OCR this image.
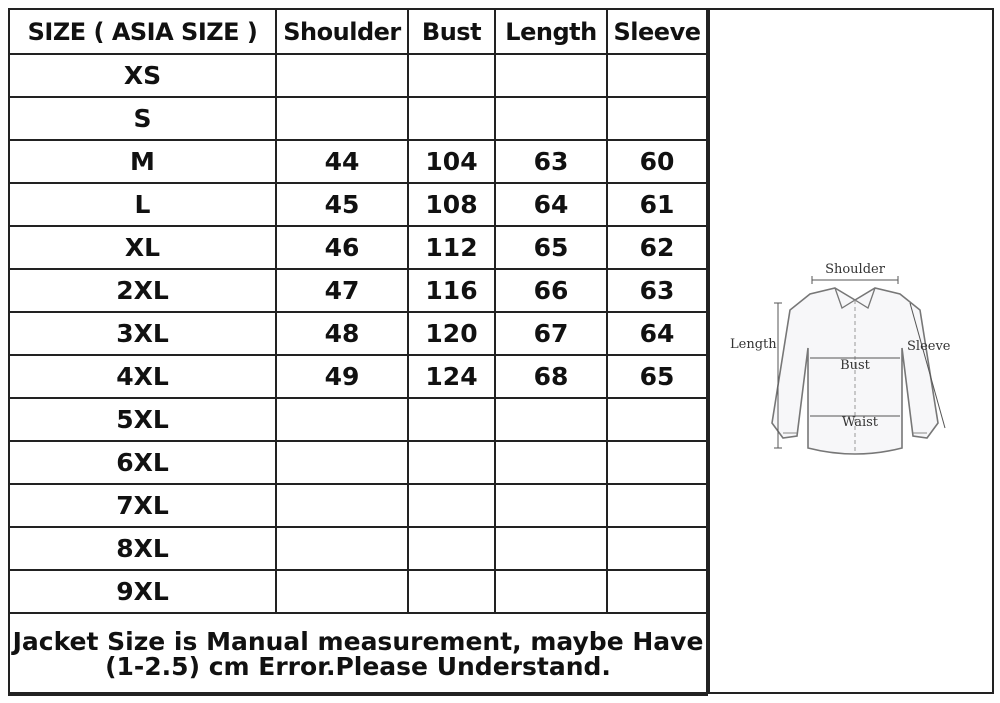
SIZE ( ASIA SIZE )	Shoulder	Bust	Length	Sleeve
XS				
S				
M	44	104	63	60
L	45	108	64	61
XL	46	112	65	62
2XL	47	116	66	63
3XL	48	120	67	64
4XL	49	124	68	65
5XL				
6XL				
7XL				
8XL				
9XL				
Jacket Size is Manual measurement, maybe Have
(1-2.5) cm Error.Please Understand.				
Shoulder
Length	Sleeve
Bust
Waist
